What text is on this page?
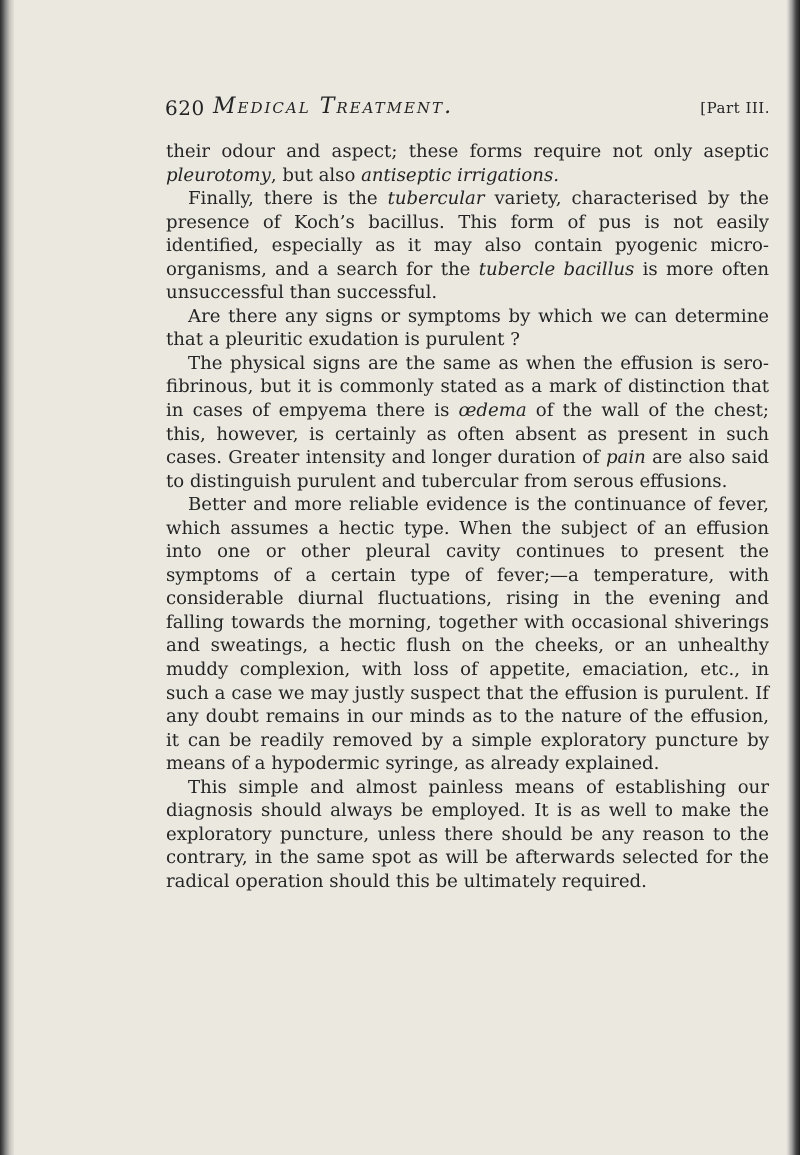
620 Medical Treatment.	[Part III.

their odour and aspect; these forms require not only aseptic pleurotomy, but also antiseptic irrigations.

Finally, there is the tubercular variety, characterised by the presence of Koch’s bacillus. This form of pus is not easily identified, especially as it may also contain pyogenic micro-organisms, and a search for the tubercle bacillus is more often unsuccessful than successful.

Are there any signs or symptoms by which we can determine that a pleuritic exudation is purulent ?

The physical signs are the same as when the effusion is sero-fibrinous, but it is commonly stated as a mark of distinction that in cases of empyema there is œdema of the wall of the chest; this, however, is certainly as often absent as present in such cases. Greater intensity and longer duration of pain are also said to distinguish purulent and tubercular from serous effusions.

Better and more reliable evidence is the continuance of fever, which assumes a hectic type. When the subject of an effusion into one or other pleural cavity continues to present the symptoms of a certain type of fever;—a temperature, with considerable diurnal fluctuations, rising in the evening and falling towards the morning, together with occasional shiverings and sweatings, a hectic flush on the cheeks, or an unhealthy muddy complexion, with loss of appetite, emaciation, etc., in such a case we may justly suspect that the effusion is purulent. If any doubt remains in our minds as to the nature of the effusion, it can be readily removed by a simple exploratory puncture by means of a hypodermic syringe, as already explained.

This simple and almost painless means of establishing our diagnosis should always be employed. It is as well to make the exploratory puncture, unless there should be any reason to the contrary, in the same spot as will be afterwards selected for the radical operation should this be ultimately required.
